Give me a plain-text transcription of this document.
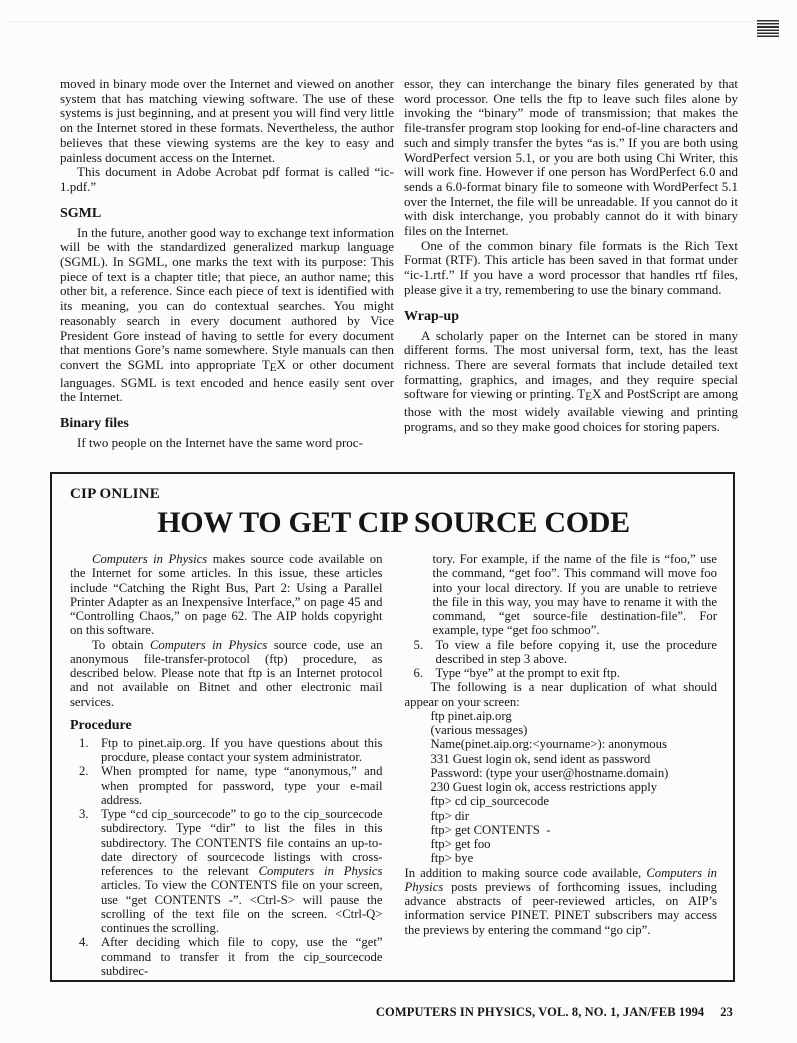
moved in binary mode over the Internet and viewed on another system that has matching viewing software. The use of these systems is just beginning, and at present you will find very little on the Internet stored in these formats. Nevertheless, the author believes that these viewing systems are the key to easy and painless document access on the Internet.

This document in Adobe Acrobat pdf format is called “ic-1.pdf.”

SGML

In the future, another good way to exchange text information will be with the standardized generalized markup language (SGML). In SGML, one marks the text with its purpose: This piece of text is a chapter title; that piece, an author name; this other bit, a reference. Since each piece of text is identified with its meaning, you can do contextual searches. You might reasonably search in every document authored by Vice President Gore instead of having to settle for every document that mentions Gore’s name somewhere. Style manuals can then convert the SGML into appropriate TEX or other document languages. SGML is text encoded and hence easily sent over the Internet.

Binary files

If two people on the Internet have the same word proc-

essor, they can interchange the binary files generated by that word processor. One tells the ftp to leave such files alone by invoking the “binary” mode of transmission; that makes the file-transfer program stop looking for end-of-line characters and such and simply transfer the bytes “as is.” If you are both using WordPerfect version 5.1, or you are both using Chi Writer, this will work fine. However if one person has WordPerfect 6.0 and sends a 6.0-format binary file to someone with WordPerfect 5.1 over the Internet, the file will be unreadable. If you cannot do it with disk interchange, you probably cannot do it with binary files on the Internet.

One of the common binary file formats is the Rich Text Format (RTF). This article has been saved in that format under “ic-1.rtf.” If you have a word processor that handles rtf files, please give it a try, remembering to use the binary command.

Wrap-up

A scholarly paper on the Internet can be stored in many different forms. The most universal form, text, has the least richness. There are several formats that include detailed text formatting, graphics, and images, and they require special software for viewing or printing. TEX and PostScript are among those with the most widely available viewing and printing programs, and so they make good choices for storing papers.

CIP ONLINE
HOW TO GET CIP SOURCE CODE

Computers in Physics makes source code available on the Internet for some articles. In this issue, these articles include “Catching the Right Bus, Part 2: Using a Parallel Printer Adapter as an Inexpensive Interface,” on page 45 and “Controlling Chaos,” on page 62. The AIP holds copyright on this software.

To obtain Computers in Physics source code, use an anonymous file-transfer-protocol (ftp) procedure, as described below. Please note that ftp is an Internet protocol and not available on Bitnet and other electronic mail services.

Procedure
1. Ftp to pinet.aip.org. If you have questions about this procdure, please contact your system administrator.
2. When prompted for name, type “anonymous,” and when prompted for password, type your e-mail address.
3. Type “cd cip_sourcecode” to go to the cip_sourcecode subdirectory. Type “dir” to list the files in this subdirectory. The CONTENTS file contains an up-to-date directory of sourcecode listings with cross-references to the relevant Computers in Physics articles. To view the CONTENTS file on your screen, use “get CONTENTS -”. <Ctrl-S> will pause the scrolling of the text file on the screen. <Ctrl-Q> continues the scrolling.
4. After deciding which file to copy, use the “get” command to transfer it from the cip_sourcecode subdirec-
tory. For example, if the name of the file is “foo,” use the command, “get foo”. This command will move foo into your local directory. If you are unable to retrieve the file in this way, you may have to rename it with the command, “get source-file destination-file”. For example, type “get foo schmoo”.
5. To view a file before copying it, use the procedure described in step 3 above.
6. Type “bye” at the prompt to exit ftp.

The following is a near duplication of what should appear on your screen:

ftp pinet.aip.org
(various messages)
Name(pinet.aip.org:<yourname>): anonymous
331 Guest login ok, send ident as password
Password: (type your user@hostname.domain)
230 Guest login ok, access restrictions apply
ftp> cd cip_sourcecode
ftp> dir
ftp> get CONTENTS  -
ftp> get foo
ftp> bye

In addition to making source code available, Computers in Physics posts previews of forthcoming issues, including advance abstracts of peer-reviewed articles, on AIP’s information service PINET. PINET subscribers may access the previews by entering the command “go cip”.

COMPUTERS IN PHYSICS, VOL. 8, NO. 1, JAN/FEB 1994 23
